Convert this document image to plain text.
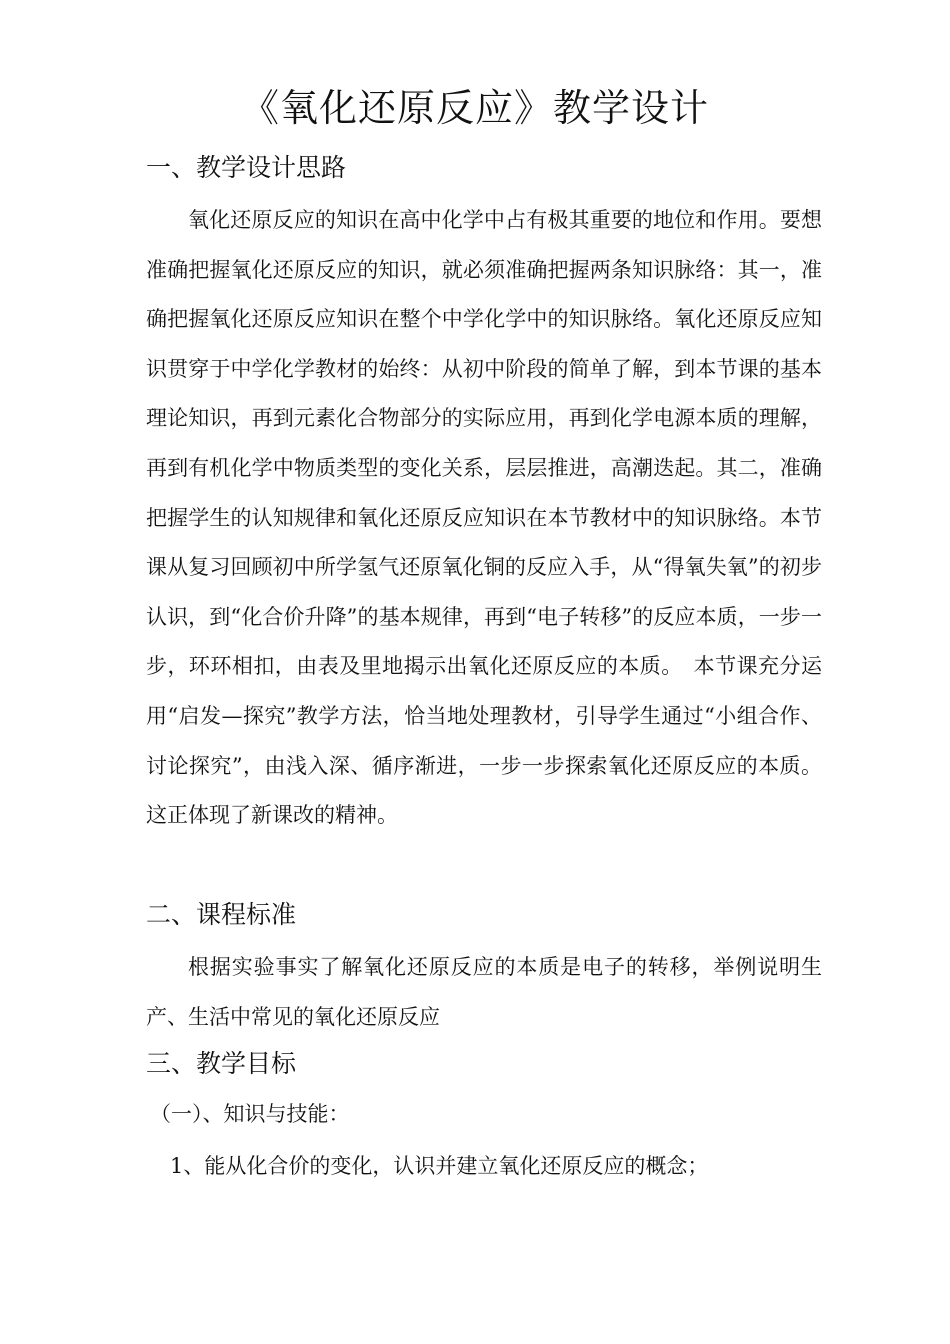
《氧化还原反应》教学设计
一、教学设计思路

氧化还原反应的知识在高中化学中占有极其重要的地位和作用。要想准确把握氧化还原反应的知识，就必须准确把握两条知识脉络：其一，准确把握氧化还原反应知识在整个中学化学中的知识脉络。氧化还原反应知识贯穿于中学化学教材的始终：从初中阶段的简单了解，到本节课的基本理论知识，再到元素化合物部分的实际应用，再到化学电源本质的理解，再到有机化学中物质类型的变化关系，层层推进，高潮迭起。其二，准确把握学生的认知规律和氧化还原反应知识在本节教材中的知识脉络。本节课从复习回顾初中所学氢气还原氧化铜的反应入手，从“得氧失氧”的初步认识，到“化合价升降”的基本规律，再到“电子转移”的反应本质，一步一步，环环相扣，由表及里地揭示出氧化还原反应的本质。　本节课充分运用“启发—探究”教学方法，恰当地处理教材，引导学生通过“小组合作、讨论探究”，由浅入深、循序渐进，一步一步探索氧化还原反应的本质。这正体现了新课改的精神。

二、课程标准

根据实验事实了解氧化还原反应的本质是电子的转移，举例说明生产、生活中常见的氧化还原反应

三、教学目标

（一）、知识与技能：

1、能从化合价的变化，认识并建立氧化还原反应的概念；
